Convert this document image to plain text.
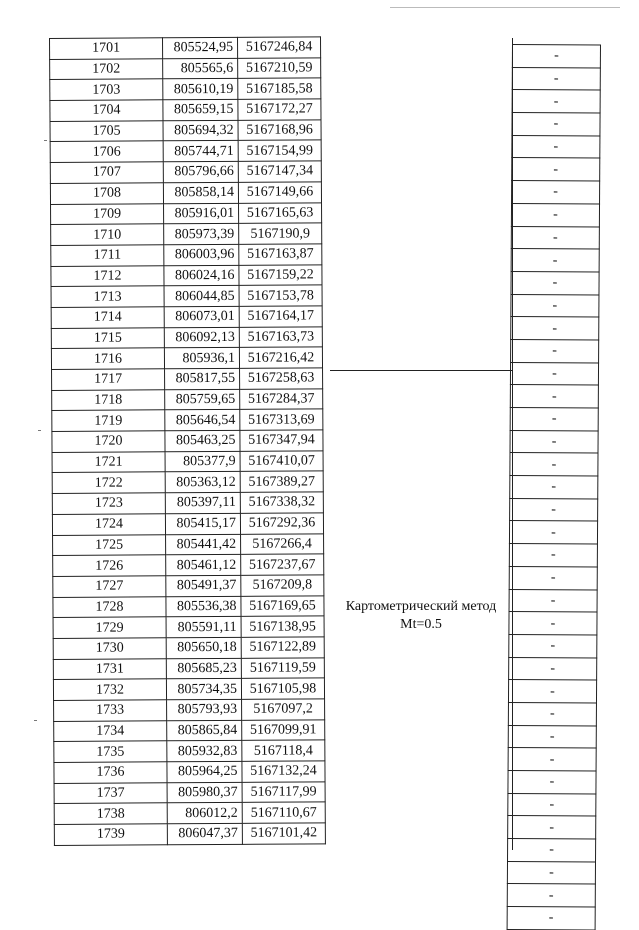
1701	805524,95	5167246,84
1702	805565,6	5167210,59
1703	805610,19	5167185,58
1704	805659,15	5167172,27
1705	805694,32	5167168,96
1706	805744,71	5167154,99
1707	805796,66	5167147,34
1708	805858,14	5167149,66
1709	805916,01	5167165,63
1710	805973,39	5167190,9
1711	806003,96	5167163,87
1712	806024,16	5167159,22
1713	806044,85	5167153,78
1714	806073,01	5167164,17
1715	806092,13	5167163,73
1716	805936,1	5167216,42
1717	805817,55	5167258,63
1718	805759,65	5167284,37
1719	805646,54	5167313,69
1720	805463,25	5167347,94
1721	805377,9	5167410,07
1722	805363,12	5167389,27
1723	805397,11	5167338,32
1724	805415,17	5167292,36
1725	805441,42	5167266,4
1726	805461,12	5167237,67
1727	805491,37	5167209,8
1728	805536,38	5167169,65
1729	805591,11	5167138,95
1730	805650,18	5167122,89
1731	805685,23	5167119,59
1732	805734,35	5167105,98
1733	805793,93	5167097,2
1734	805865,84	5167099,91
1735	805932,83	5167118,4
1736	805964,25	5167132,24
1737	805980,37	5167117,99
1738	806012,2	5167110,67
1739	806047,37	5167101,42
Картометрический метод
Mt=0.5
-
-
-
-
-
-
-
-
-
-
-
-
-
-
-
-
-
-
-
-
-
-
-
-
-
-
-
-
-
-
-
-
-
-
-
-
-
-
-
